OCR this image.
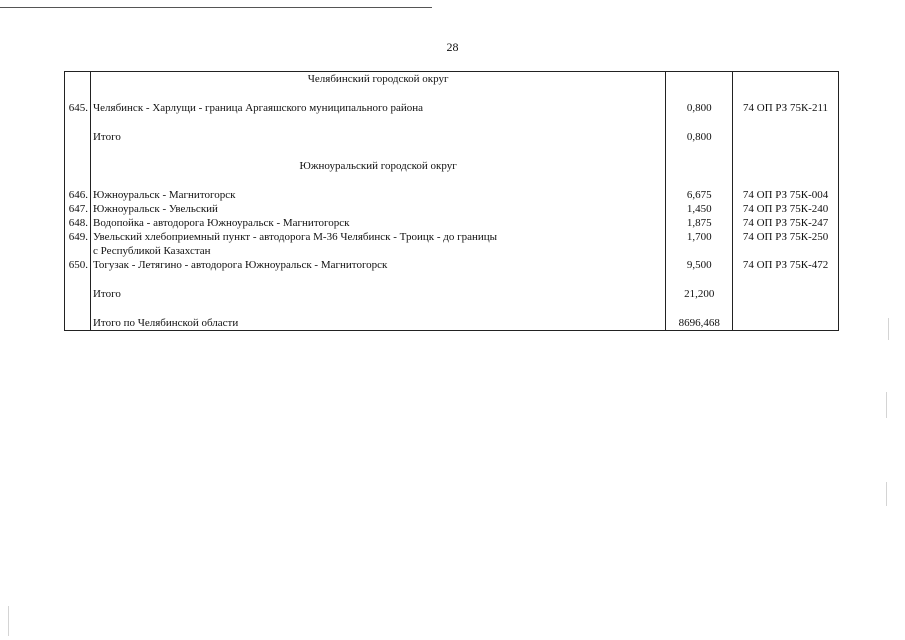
28
	Челябинский городской округ		

645.	Челябинск - Харлущи - граница Аргаяшского муниципального района	0,800	74 ОП РЗ 75К-211

	Итого	0,800	

	Южноуральский городской округ		

646.	Южноуральск - Магнитогорск	6,675	74 ОП РЗ 75К-004
647.	Южноуральск - Увельский	1,450	74 ОП РЗ 75К-240
648.	Водопойка - автодорога Южноуральск - Магнитогорск	1,875	74 ОП РЗ 75К-247
649.	Увельский хлебоприемный пункт - автодорога М-36 Челябинск - Троицк - до границы
с Республикой Казахстан	1,700	74 ОП РЗ 75К-250
650.	Тогузак - Летягино - автодорога Южноуральск - Магнитогорск	9,500	74 ОП РЗ 75К-472

	Итого	21,200	

	Итого по Челябинской области	8696,468	
